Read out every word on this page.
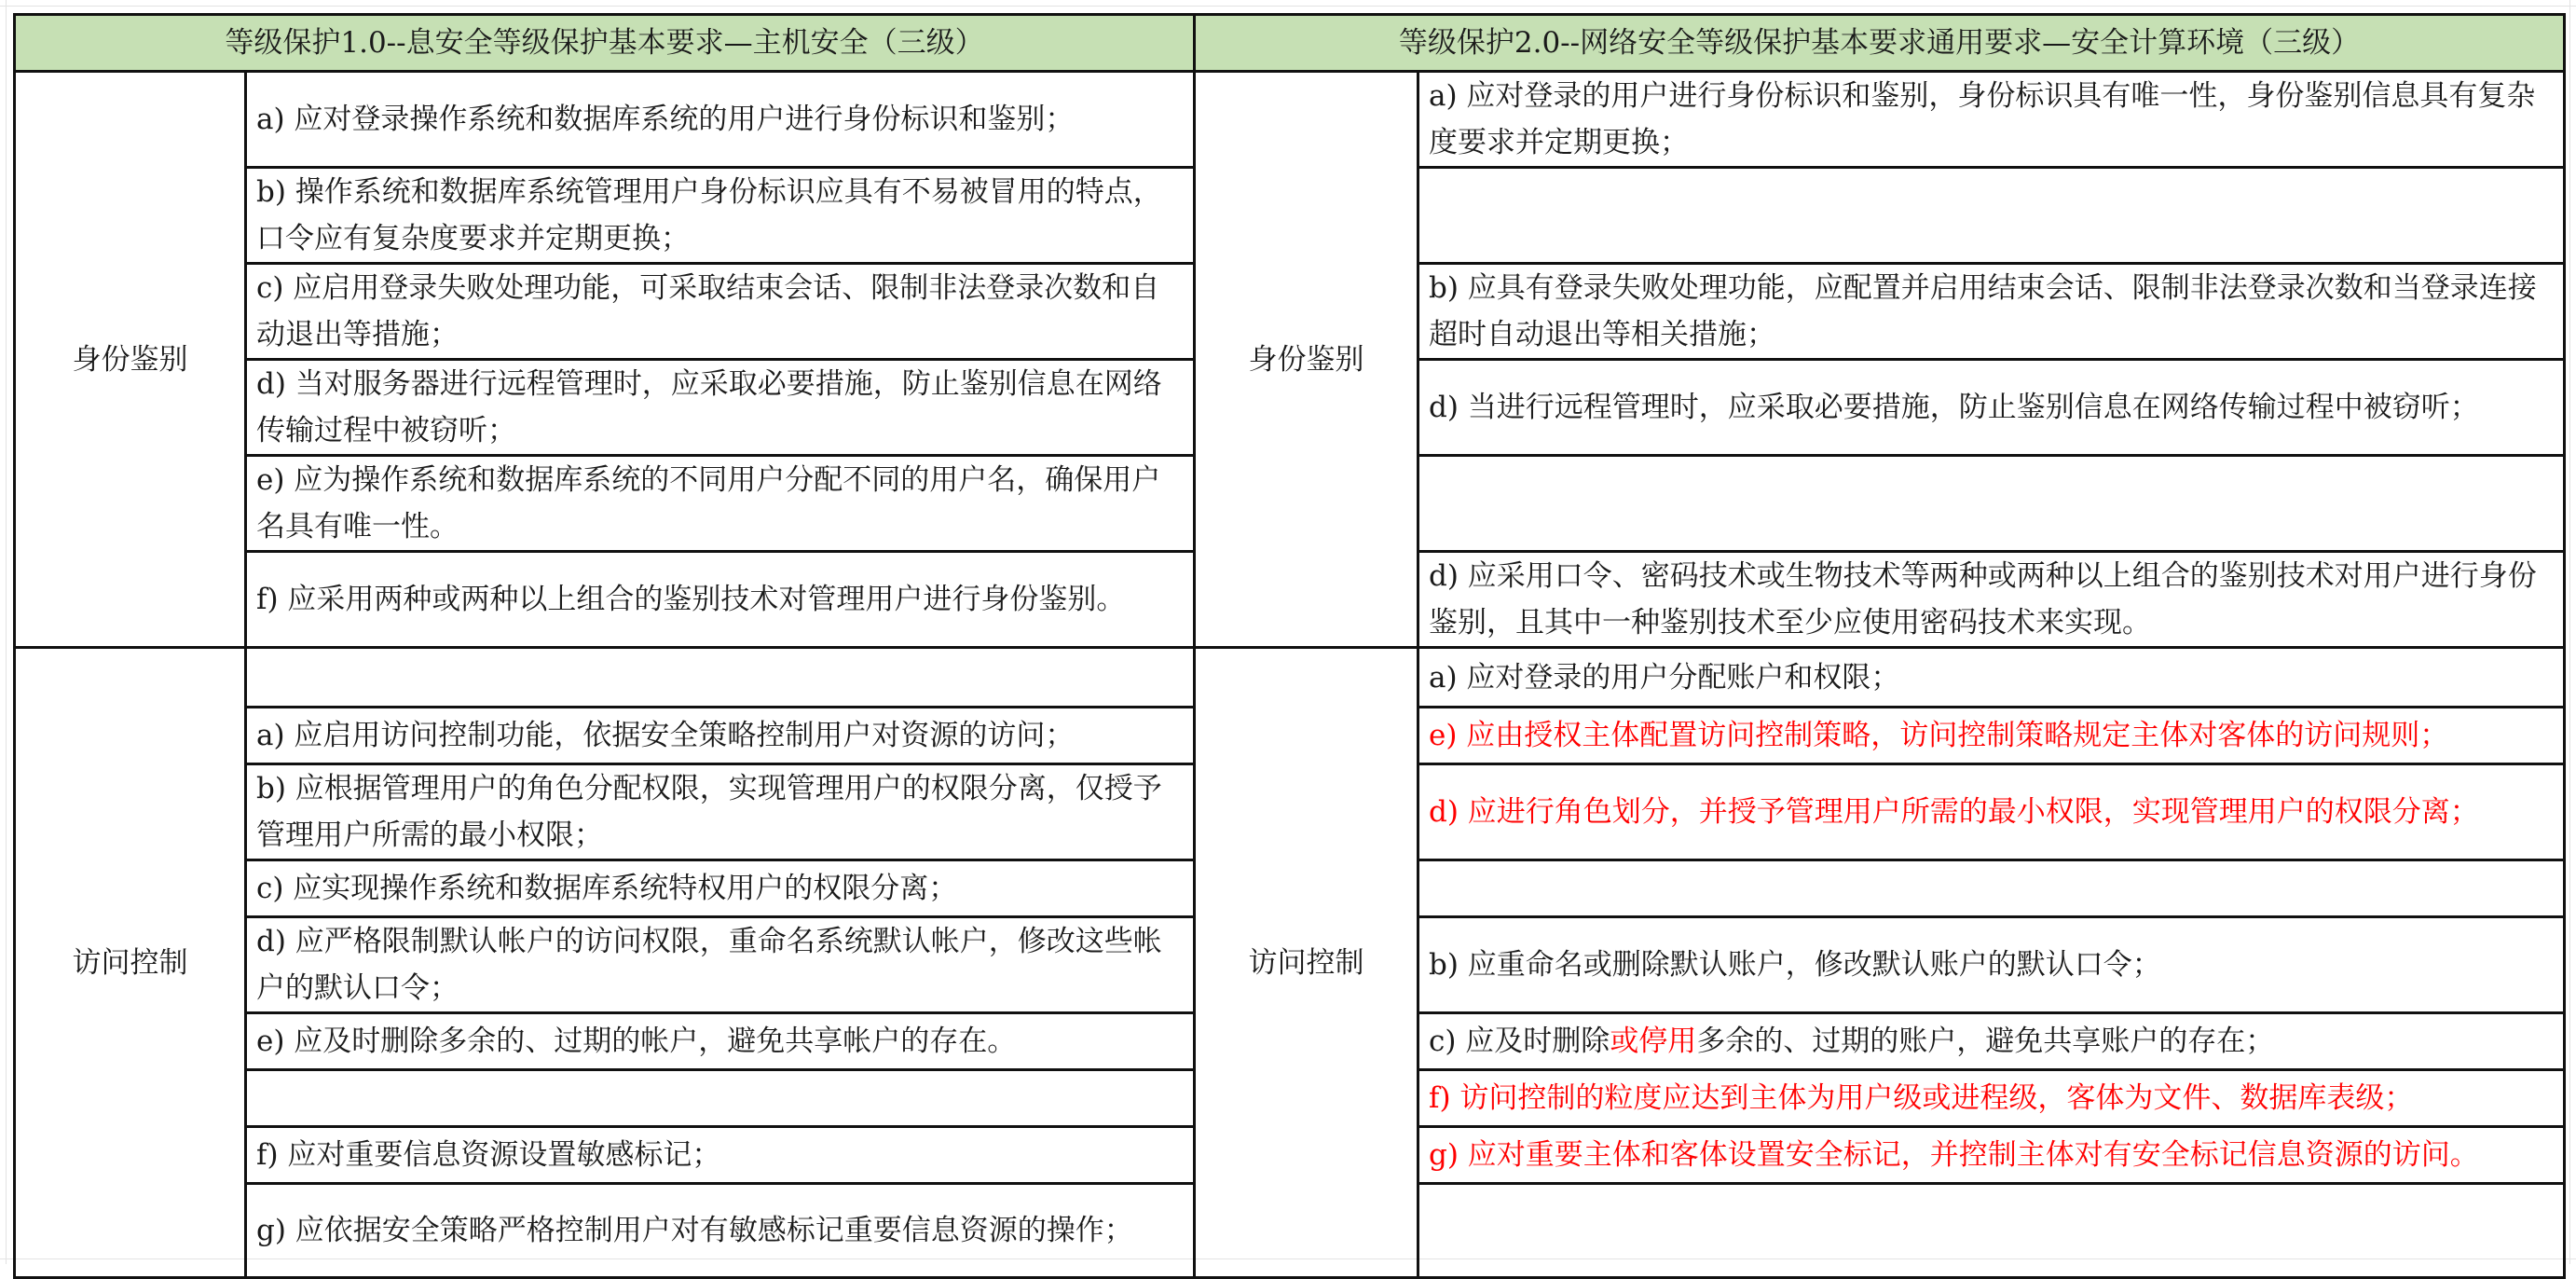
等级保护1.0--息安全等级保护基本要求—主机安全（三级）		等级保护2.0--网络安全等级保护基本要求通用要求—安全计算环境（三级）	
身份鉴别	a) 应对登录操作系统和数据库系统的用户进行身份标识和鉴别；	身份鉴别	a) 应对登录的用户进行身份标识和鉴别，身份标识具有唯一性，身份鉴别信息具有复杂度要求并定期更换；
	b) 操作系统和数据库系统管理用户身份标识应具有不易被冒用的特点，口令应有复杂度要求并定期更换；		
	c) 应启用登录失败处理功能，可采取结束会话、限制非法登录次数和自动退出等措施；		b) 应具有登录失败处理功能，应配置并启用结束会话、限制非法登录次数和当登录连接超时自动退出等相关措施；
	d) 当对服务器进行远程管理时，应采取必要措施，防止鉴别信息在网络传输过程中被窃听；		d) 当进行远程管理时，应采取必要措施，防止鉴别信息在网络传输过程中被窃听；
	e) 应为操作系统和数据库系统的不同用户分配不同的用户名，确保用户名具有唯一性。		
	f) 应采用两种或两种以上组合的鉴别技术对管理用户进行身份鉴别。		d) 应采用口令、密码技术或生物技术等两种或两种以上组合的鉴别技术对用户进行身份鉴别，且其中一种鉴别技术至少应使用密码技术来实现。
访问控制		访问控制	a) 应对登录的用户分配账户和权限；
	a) 应启用访问控制功能，依据安全策略控制用户对资源的访问；		e) 应由授权主体配置访问控制策略，访问控制策略规定主体对客体的访问规则；
	b) 应根据管理用户的角色分配权限，实现管理用户的权限分离，仅授予管理用户所需的最小权限；		d) 应进行角色划分，并授予管理用户所需的最小权限，实现管理用户的权限分离；
	c) 应实现操作系统和数据库系统特权用户的权限分离；		
	d) 应严格限制默认帐户的访问权限，重命名系统默认帐户，修改这些帐户的默认口令；		b) 应重命名或删除默认账户，修改默认账户的默认口令；
	e) 应及时删除多余的、过期的帐户，避免共享帐户的存在。		c) 应及时删除或停用多余的、过期的账户，避免共享账户的存在；
			f) 访问控制的粒度应达到主体为用户级或进程级，客体为文件、数据库表级；
	f) 应对重要信息资源设置敏感标记；		g) 应对重要主体和客体设置安全标记，并控制主体对有安全标记信息资源的访问。
	g) 应依据安全策略严格控制用户对有敏感标记重要信息资源的操作；		
